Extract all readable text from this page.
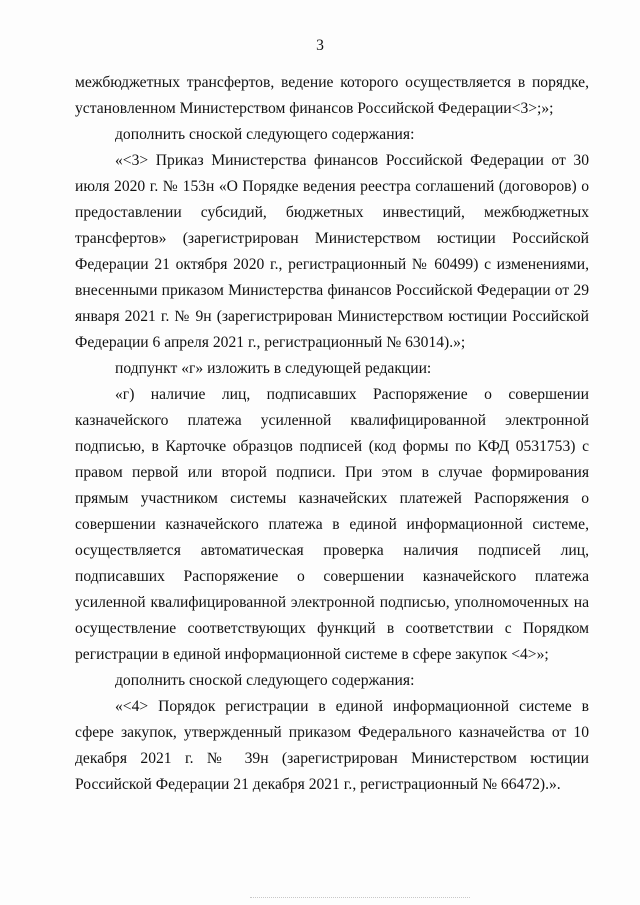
3

межбюджетных трансфертов, ведение которого осуществляется в порядке, установленном Министерством финансов Российской Федерации<3>;»;

дополнить сноской следующего содержания:

«<3> Приказ Министерства финансов Российской Федерации от 30 июля 2020 г. № 153н «О Порядке ведения реестра соглашений (договоров) о предоставлении субсидий, бюджетных инвестиций, межбюджетных трансфертов» (зарегистрирован Министерством юстиции Российской Федерации 21 октября 2020 г., регистрационный № 60499) с изменениями, внесенными приказом Министерства финансов Российской Федерации от 29 января 2021 г. № 9н (зарегистрирован Министерством юстиции Российской Федерации 6 апреля 2021 г., регистрационный № 63014).»;

подпункт «г» изложить в следующей редакции:

«г) наличие лиц, подписавших Распоряжение о совершении казначейского платежа усиленной квалифицированной электронной подписью, в Карточке образцов подписей (код формы по КФД 0531753) с правом первой или второй подписи. При этом в случае формирования прямым участником системы казначейских платежей Распоряжения о совершении казначейского платежа в единой информационной системе, осуществляется автоматическая проверка наличия подписей лиц, подписавших Распоряжение о совершении казначейского платежа усиленной квалифицированной электронной подписью, уполномоченных на осуществление соответствующих функций в соответствии с Порядком регистрации в единой информационной системе в сфере закупок <4>»;

дополнить сноской следующего содержания:

«<4> Порядок регистрации в единой информационной системе в сфере закупок, утвержденный приказом Федерального казначейства от 10 декабря 2021 г. № 39н (зарегистрирован Министерством юстиции Российской Федерации 21 декабря 2021 г., регистрационный № 66472).».
